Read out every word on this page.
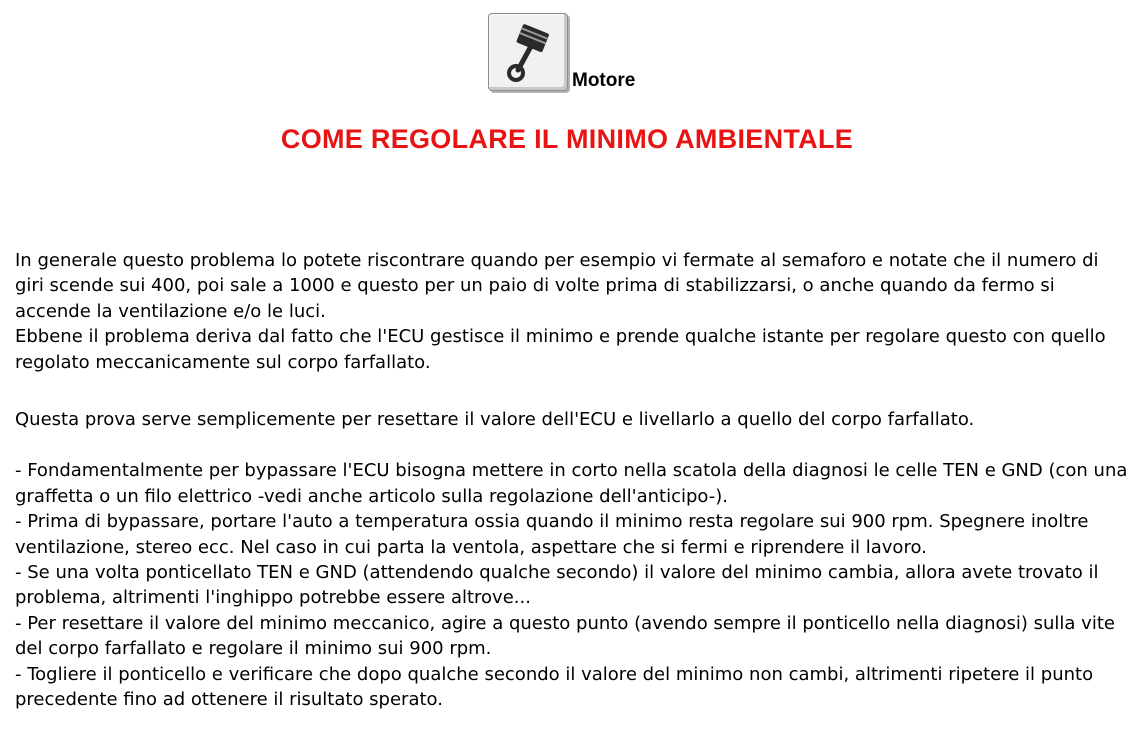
Motore
COME REGOLARE IL MINIMO AMBIENTALE

In generale questo problema lo potete riscontrare quando per esempio vi fermate al semaforo e notate che il numero di giri scende sui 400, poi sale a 1000 e questo per un paio di volte prima di stabilizzarsi, o anche quando da fermo si accende la ventilazione e/o le luci.

Ebbene il problema deriva dal fatto che l'ECU gestisce il minimo e prende qualche istante per regolare questo con quello regolato meccanicamente sul corpo farfallato.

Questa prova serve semplicemente per resettare il valore dell'ECU e livellarlo a quello del corpo farfallato.

- Fondamentalmente per bypassare l'ECU bisogna mettere in corto nella scatola della diagnosi le celle TEN e GND (con una graffetta o un filo elettrico -vedi anche articolo sulla regolazione dell'anticipo-).

- Prima di bypassare, portare l'auto a temperatura ossia quando il minimo resta regolare sui 900 rpm. Spegnere inoltre ventilazione, stereo ecc. Nel caso in cui parta la ventola, aspettare che si fermi e riprendere il lavoro.

- Se una volta ponticellato TEN e GND (attendendo qualche secondo) il valore del minimo cambia, allora avete trovato il problema, altrimenti l'inghippo potrebbe essere altrove...

- Per resettare il valore del minimo meccanico, agire a questo punto (avendo sempre il ponticello nella diagnosi) sulla vite del corpo farfallato e regolare il minimo sui 900 rpm.

- Togliere il ponticello e verificare che dopo qualche secondo il valore del minimo non cambi, altrimenti ripetere il punto precedente fino ad ottenere il risultato sperato.
